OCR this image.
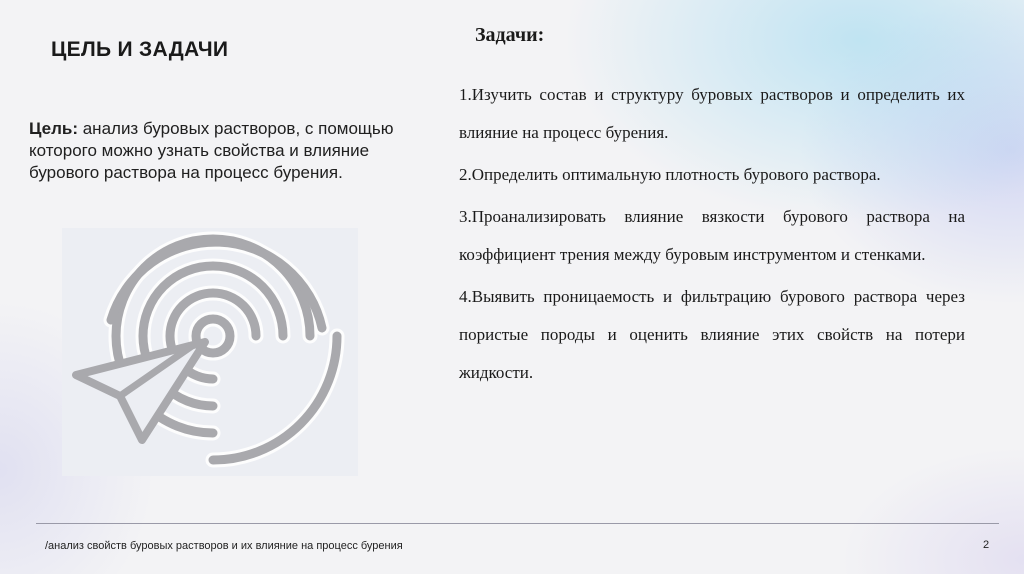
ЦЕЛЬ И ЗАДАЧИ
Цель: анализ буровых растворов, с помощью которого можно узнать свойства и влияние бурового раствора на процесс бурения.
Задачи:
1.Изучить состав и структуру буровых растворов и определить их влияние на процесс бурения.
2.Определить оптимальную плотность бурового раствора.
3.Проанализировать влияние вязкости бурового раствора на коэффициент трения между буровым инструментом и стенками.
4.Выявить проницаемость и фильтрацию бурового раствора через пористые породы и оценить влияние этих свойств на потери жидкости.
/анализ свойств буровых растворов и их влияние на процесс бурения	2
